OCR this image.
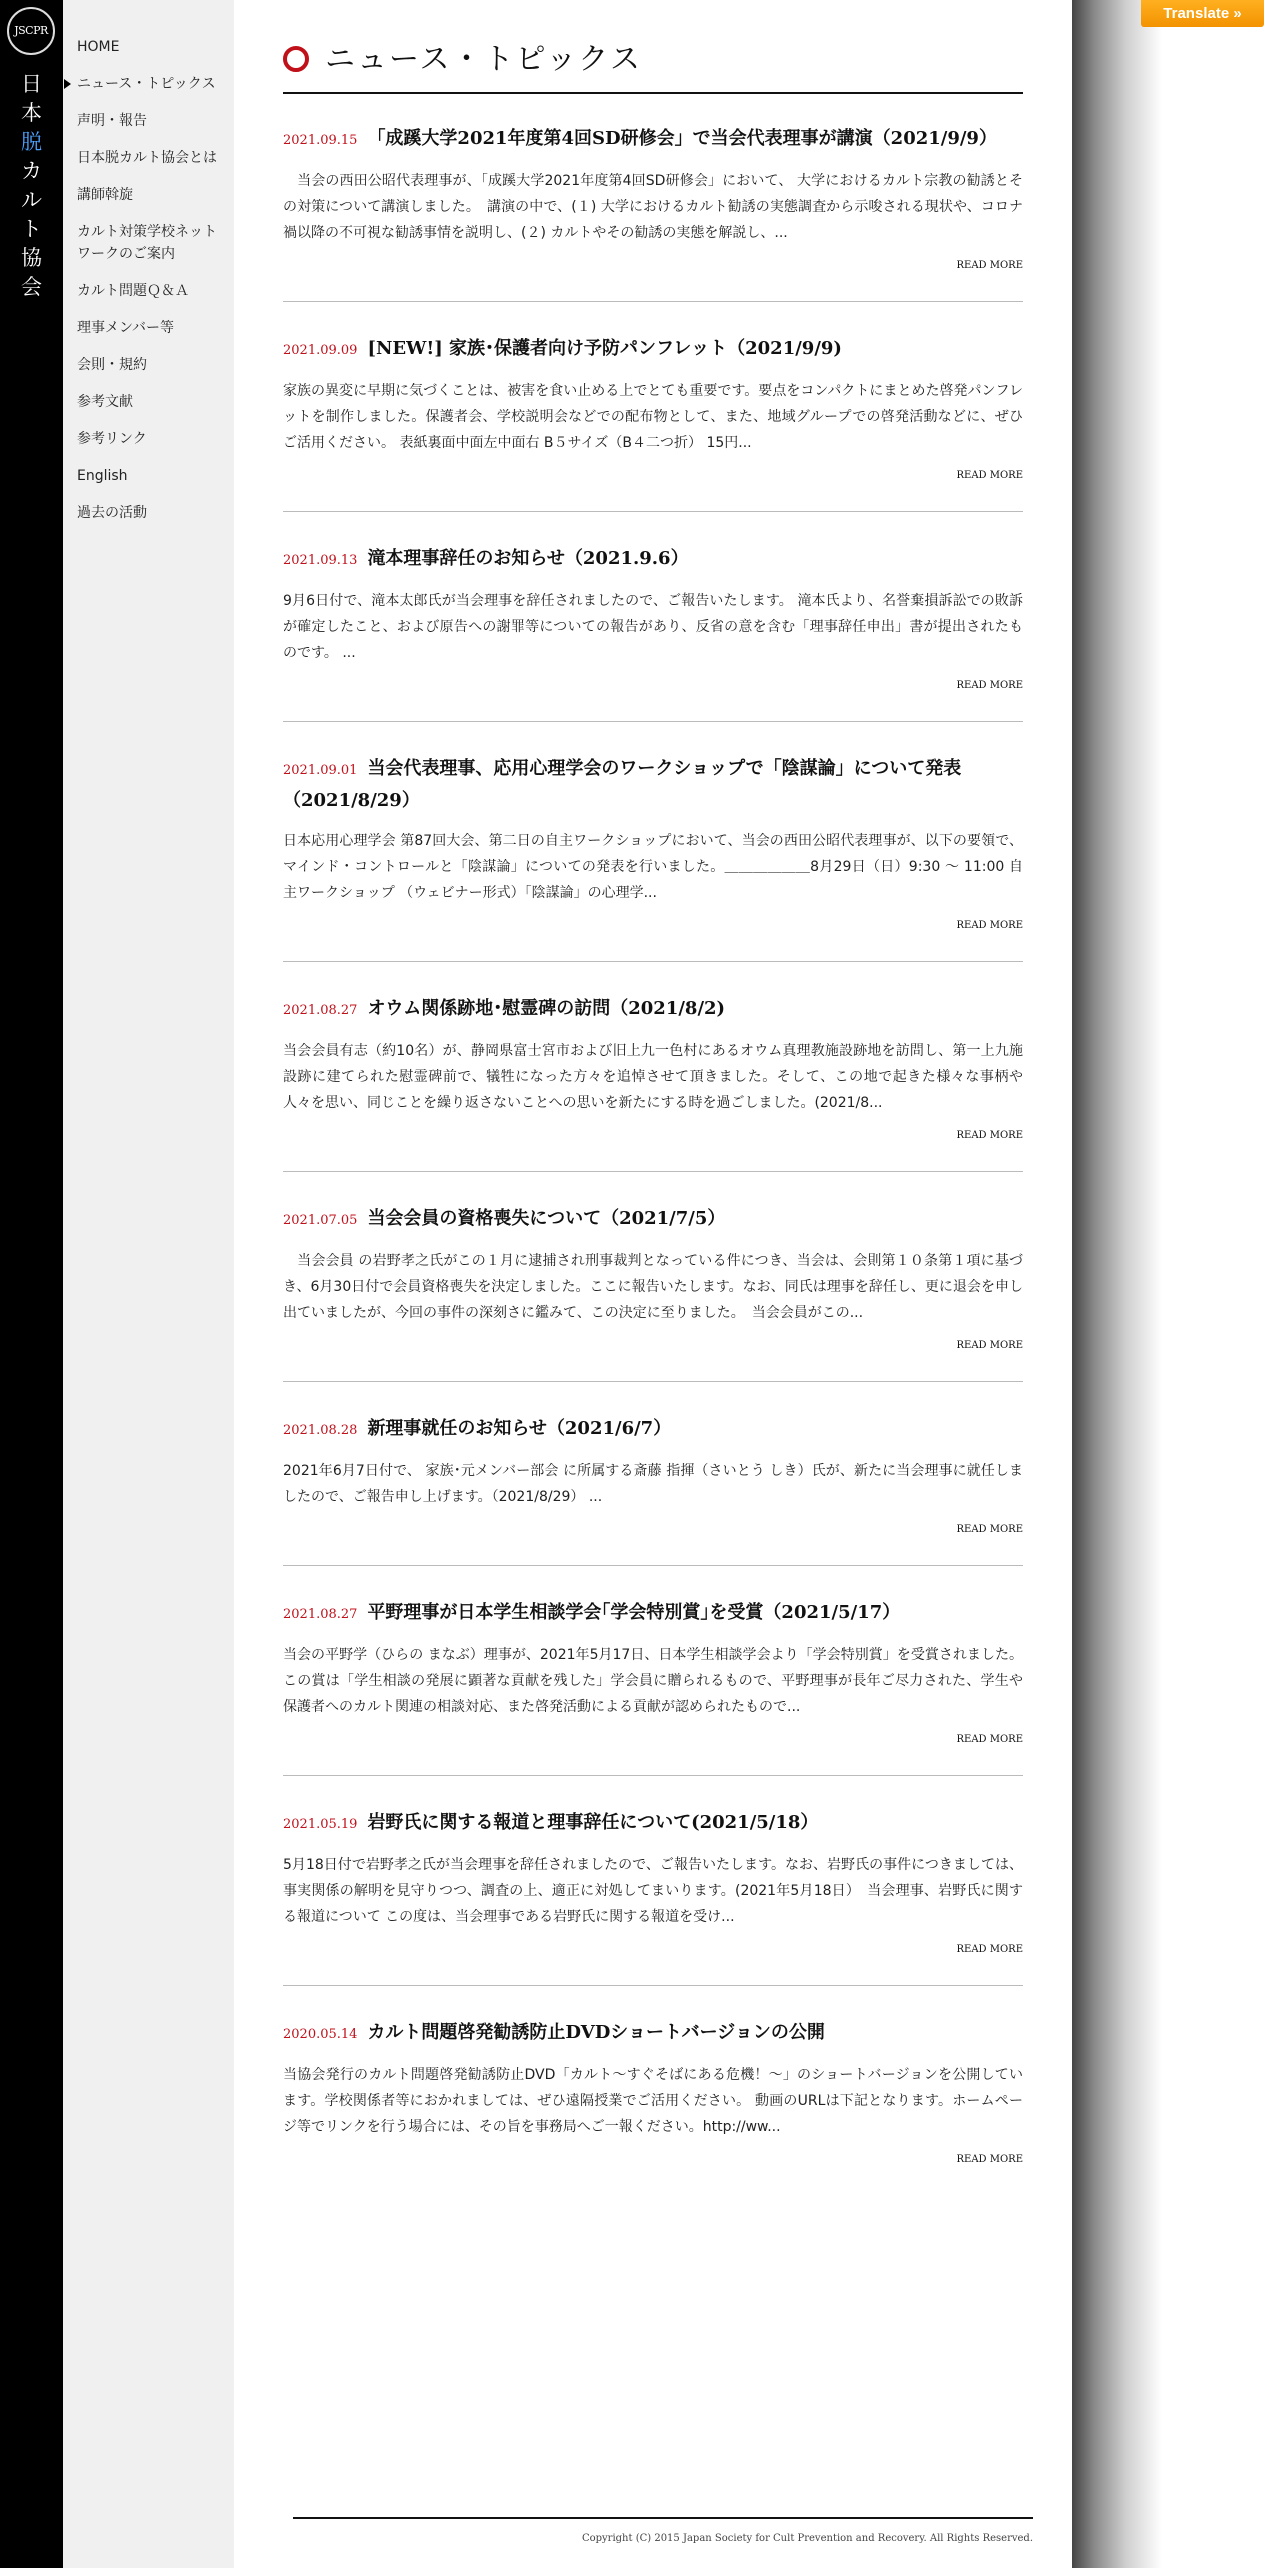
JSCPR
日
本
脱
カ
ル
ト
協
会
HOME
ニュース・トピックス
声明・報告
日本脱カルト協会とは
講師斡旋
カルト対策学校ネットワークのご案内
カルト問題Ｑ＆Ａ
理事メンバー等
会則・規約
参考文献
参考リンク
English
過去の活動
Translate »
ニュース・トピックス
2021.09.15 「成蹊大学2021年度第4回SD研修会」で当会代表理事が講演（2021/9/9）

　当会の西田公昭代表理事が、「成蹊大学2021年度第4回SD研修会」において、 大学におけるカルト宗教の勧誘とその対策について講演しました。　講演の中で、(１) 大学におけるカルト勧誘の実態調査から示唆される現状や、コロナ禍以降の不可視な勧誘事情を説明し、(２) カルトやその勧誘の実態を解説し、...

READ MORE
2021.09.09 [NEW!] 家族･保護者向け予防パンフレット（2021/9/9)

家族の異変に早期に気づくことは、被害を食い止める上でとても重要です。要点をコンパクトにまとめた啓発パンフレットを制作しました。保護者会、学校説明会などでの配布物として、また、地域グループでの啓発活動などに、ぜひご活用ください。 表紙裏面中面左中面右 B５サイズ（B４二つ折） 15円...

READ MORE
2021.09.13 滝本理事辞任のお知らせ（2021.9.6）

9月6日付で、滝本太郎氏が当会理事を辞任されましたので、ご報告いたします。 滝本氏より、名誉棄損訴訟での敗訴が確定したこと、および原告への謝罪等についての報告があり、反省の意を含む「理事辞任申出」書が提出されたものです。 ...

READ MORE
2021.09.01 当会代表理事、応用心理学会のワークショップで「陰謀論」について発表（2021/8/29）

日本応用心理学会 第87回大会、第二日の自主ワークショップにおいて、当会の西田公昭代表理事が、以下の要領で、マインド・コントロールと「陰謀論」についての発表を行いました。＿＿＿＿＿＿8月29日（日）9:30 ～ 11:00 自主ワークショップ （ウェビナー形式）「陰謀論」の心理学...

READ MORE
2021.08.27 オウム関係跡地･慰霊碑の訪問（2021/8/2)

当会会員有志（約10名）が、静岡県富士宮市および旧上九一色村にあるオウム真理教施設跡地を訪問し、第一上九施設跡に建てられた慰霊碑前で、犠牲になった方々を追悼させて頂きました。そして、この地で起きた様々な事柄や人々を思い、同じことを繰り返さないことへの思いを新たにする時を過ごしました。(2021/8...

READ MORE
2021.07.05 当会会員の資格喪失について（2021/7/5）

　当会会員 の岩野孝之氏がこの１月に逮捕され刑事裁判となっている件につき、当会は、会則第１０条第１項に基づき、6月30日付で会員資格喪失を決定しました。ここに報告いたします。なお、同氏は理事を辞任し、更に退会を申し出ていましたが、今回の事件の深刻さに鑑みて、この決定に至りました。　当会会員がこの...

READ MORE
2021.08.28 新理事就任のお知らせ（2021/6/7）

2021年6月7日付で、 家族･元メンバー部会 に所属する斎藤 指揮（さいとう しき）氏が、新たに当会理事に就任しましたので、ご報告申し上げます。（2021/8/29） ...

READ MORE
2021.08.27 平野理事が日本学生相談学会｢学会特別賞｣を受賞（2021/5/17）

当会の平野学（ひらの まなぶ）理事が、2021年5月17日、日本学生相談学会より「学会特別賞」を受賞されました。 この賞は「学生相談の発展に顕著な貢献を残した」学会員に贈られるもので、平野理事が長年ご尽力された、学生や保護者へのカルト関連の相談対応、また啓発活動による貢献が認められたもので...

READ MORE
2021.05.19 岩野氏に関する報道と理事辞任について(2021/5/18）

5月18日付で岩野孝之氏が当会理事を辞任されましたので、ご報告いたします。なお、岩野氏の事件につきましては、事実関係の解明を見守りつつ、調査の上、適正に対処してまいります。(2021年5月18日）　当会理事、岩野氏に関する報道について この度は、当会理事である岩野氏に関する報道を受け...

READ MORE
2020.05.14 カルト問題啓発勧誘防止DVDショートバージョンの公開

当協会発行のカルト問題啓発勧誘防止DVD「カルト〜すぐそばにある危機！〜」のショートバージョンを公開しています。学校関係者等におかれましては、ぜひ遠隔授業でご活用ください。 動画のURLは下記となります。ホームページ等でリンクを行う場合には、その旨を事務局へご一報ください。http://ww...

READ MORE
Copyright (C) 2015 Japan Society for Cult Prevention and Recovery. All Rights Reserved.
